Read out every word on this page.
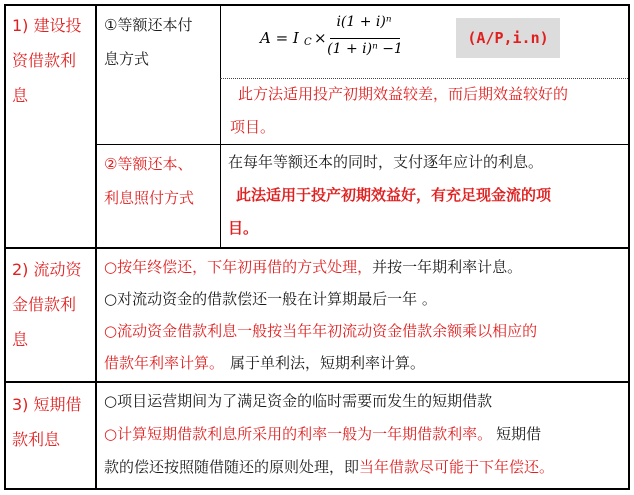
1) 建设投
资借款利
息
①等额还本付
息方式
A = I C ×
i(1 + i)ⁿ
(1 + i)ⁿ −1
(A/P,i.n)
此方法适用投产初期效益较差，而后期效益较好的
项目。
②等额还本、
利息照付方式
在每年等额还本的同时，支付逐年应计的利息。
此法适用于投产初期效益好，有充足现金流的项
目。
2) 流动资
金借款利
息
○按年终偿还，下年初再借的方式处理，并按一年期利率计息。
○对流动资金的借款偿还一般在计算期最后一年 。
○流动资金借款利息一般按当年年初流动资金借款余额乘以相应的
借款年利率计算。 属于单利法，短期利率计算。
3) 短期借
款利息
○项目运营期间为了满足资金的临时需要而发生的短期借款
○计算短期借款利息所采用的利率一般为一年期借款利率。 短期借
款的偿还按照随借随还的原则处理，即当年借款尽可能于下年偿还。
